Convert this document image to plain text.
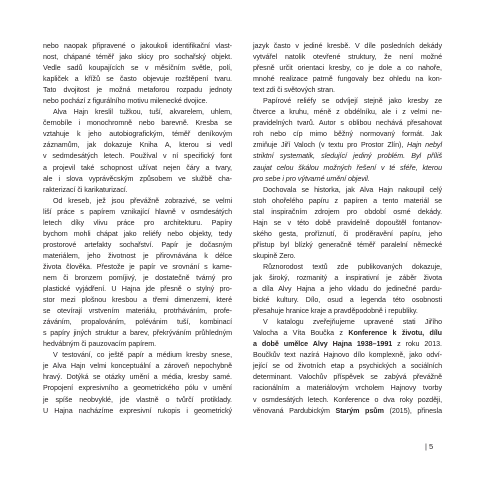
nebo naopak připravené o jakoukoli identifikační vlast-
nost, chápané téměř jako skicy pro sochařský objekt.
Vedle sadů koupajících se v měsíčním světle, polí,
kapliček a křížů se často objevuje rozštěpení tvaru.
Tato dvojitost je možná metaforou rozpadu jednoty
nebo pochází z figurálního motivu milenecké dvojice.
Alva Hajn kreslil tužkou, tuší, akvarelem, uhlem,
černobíle i monochromně nebo barevně. Kresba se
vztahuje k jeho autobiografickým, téměř deníkovým
záznamům, jak dokazuje Kniha A, kterou si vedl
v sedmdesátých letech. Používal v ní specifický font
a projevil také schopnost užívat nejen čáry a tvary,
ale i slova vyprávěcským způsobem ve službě cha-
rakterizací či karikaturizací.
Od kreseb, jež jsou převážně zobrazivé, se velmi
liší práce s papírem vznikající hlavně v osmdesátých
letech díky vlivu práce pro architekturu. Papíry
bychom mohli chápat jako reliéfy nebo objekty, tedy
prostorové artefakty sochařství. Papír je dočasným
materiálem, jeho životnost je přirovnávána k délce
života člověka. Přestože je papír ve srovnání s kame-
nem či bronzem pomíjivý, je dostatečně tvárný pro
plastické vyjádření. U Hajna jde přesně o stylný pro-
stor mezi plošnou kresbou a třemi dimenzemi, které
se otevírají vrstvením materiálu, protrháváním, profe-
záváním, propalováním, polévánim tuší, kombinací
s papíry jiných struktur a barev, překrýváním průhledným
hedvábným či pauzovacím papírem.
V testování, co ještě papír a médium kresby snese,
je Alva Hajn velmi konceptuální a zároveň nepochybně
hravý. Dotýká se otázky umění a média, kresby samé.
Propojení expresivního a geometrického pólu v umění
je spíše neobvyklé, jde vlastně o tvůrčí protiklady.
U Hajna nacházíme expresivní rukopis i geometrický
jazyk často v jediné kresbě. V díle posledních dekády
vytvářel natolik otevřené struktury, že není možné
přesně určit orientaci kresby, co je dole a co nahoře,
mnohé realizace patrně fungovaly bez ohledu na kon-
text zdi či světových stran.
Papírové reliéfy se odvíjejí stejně jako kresby ze
čtverce a kruhu, méně z obdélníku, ale i z velmi ne-
pravidelných tvarů. Autor s oblibou nechává přesahovat
roh nebo cíp mimo běžný normovaný formát. Jak
zmiňuje Jiří Valoch (v textu pro Prostor Zlín), Hajn nebyl
striktní systematik, sledující jediný problém. Byl příliš
zaujat celou škálou možných řešení v té sféře, kterou
pro sebe i pro výtvarné umění objevil.
Dochovala se historka, jak Alva Hajn nakoupil celý
stoh ohořelého papíru z papíren a tento materiál se
stal inspiračním zdrojem pro období osmé dekády.
Hajn se v této době pravidelně dopouštěl fontanov-
ského gesta, proříznutí, či proděravění papíru, jeho
přístup byl blízký generačně téměř paralelní německé
skupině Zero.
Různorodost textů zde publikovaných dokazuje,
jak široký, rozmanitý a inspirativní je záběr života
a díla Alvy Hajna a jeho vkladu do jedinečné pardu-
bické kultury. Dílo, osud a legenda této osobnosti
přesahuje hranice kraje a pravděpodobně i republiky.
V katalogu zveřejňujeme upravené stati Jiřího
Valocha a Víta Boučka z Konference k životu, dílu
a době umělce Alvy Hajna 1938–1991 z roku 2013.
Boučkův text nazírá Hajnovo dílo komplexně, jako odví-
jející se od životních etap a psychických a sociálních
determinant. Valochův příspěvek se zabývá převážně
racionálním a materiálovým vrcholem Hajnovy tvorby
v osmdesátých letech. Konference o dva roky později,
věnovaná Pardubickým Starým psům (2015), přinesla
| 5
